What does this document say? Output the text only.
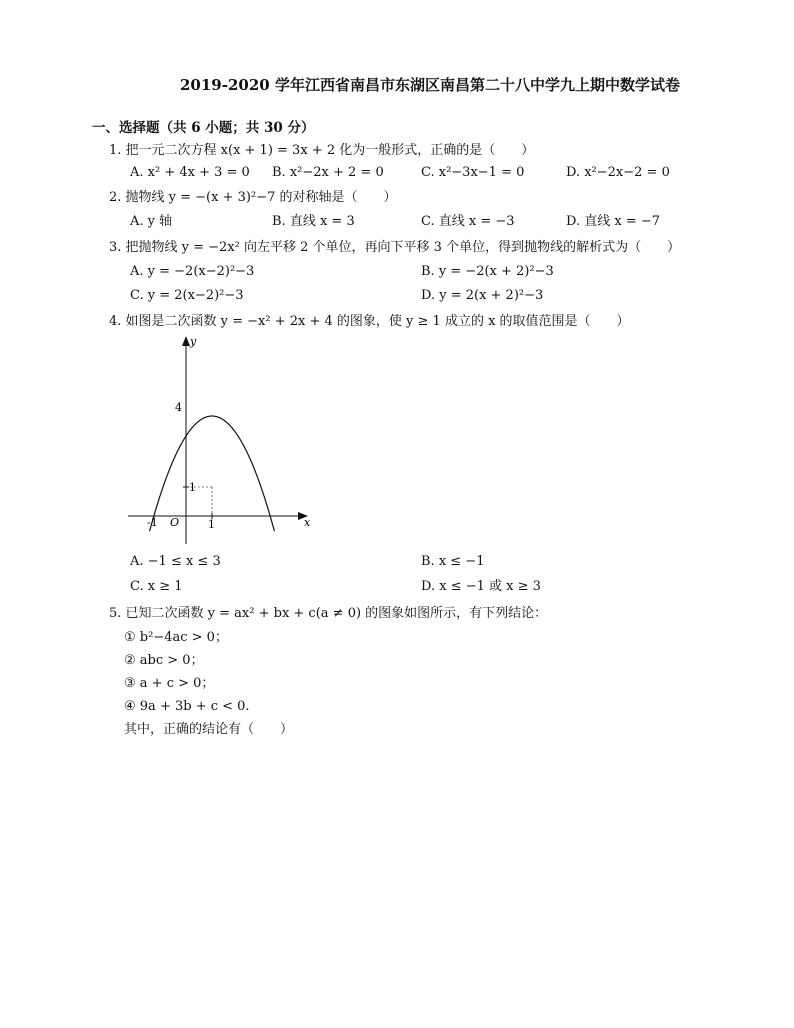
2019-2020 学年江西省南昌市东湖区南昌第二十八中学九上期中数学试卷
一、选择题（共 6 小题；共 30 分）
1. 把一元二次方程 x(x + 1) = 3x + 2 化为一般形式，正确的是（　　）
A. x² + 4x + 3 = 0 B. x²−2x + 2 = 0	C. x²−3x−1 = 0	D. x²−2x−2 = 0
2. 抛物线 y = −(x + 3)²−7 的对称轴是（　　）
A. y 轴	B. 直线 x = 3	C. 直线 x = −3	D. 直线 x = −7
3. 把抛物线 y = −2x² 向左平移 2 个单位，再向下平移 3 个单位，得到抛物线的解析式为（　　）
A. y = −2(x−2)²−3	B. y = −2(x + 2)²−3
C. y = 2(x−2)²−3	D. y = 2(x + 2)²−3
4. 如图是二次函数 y = −x² + 2x + 4 的图象，使 y ≥ 1 成立的 x 的取值范围是（　　）
y
x
O
-1	1
1
4
A. −1 ≤ x ≤ 3	B. x ≤ −1
C. x ≥ 1	D. x ≤ −1 或 x ≥ 3
5. 已知二次函数 y = ax² + bx + c(a ≠ 0) 的图象如图所示，有下列结论：
① b²−4ac > 0；
② abc > 0；
③ a + c > 0；
④ 9a + 3b + c < 0.
其中，正确的结论有（　　）
